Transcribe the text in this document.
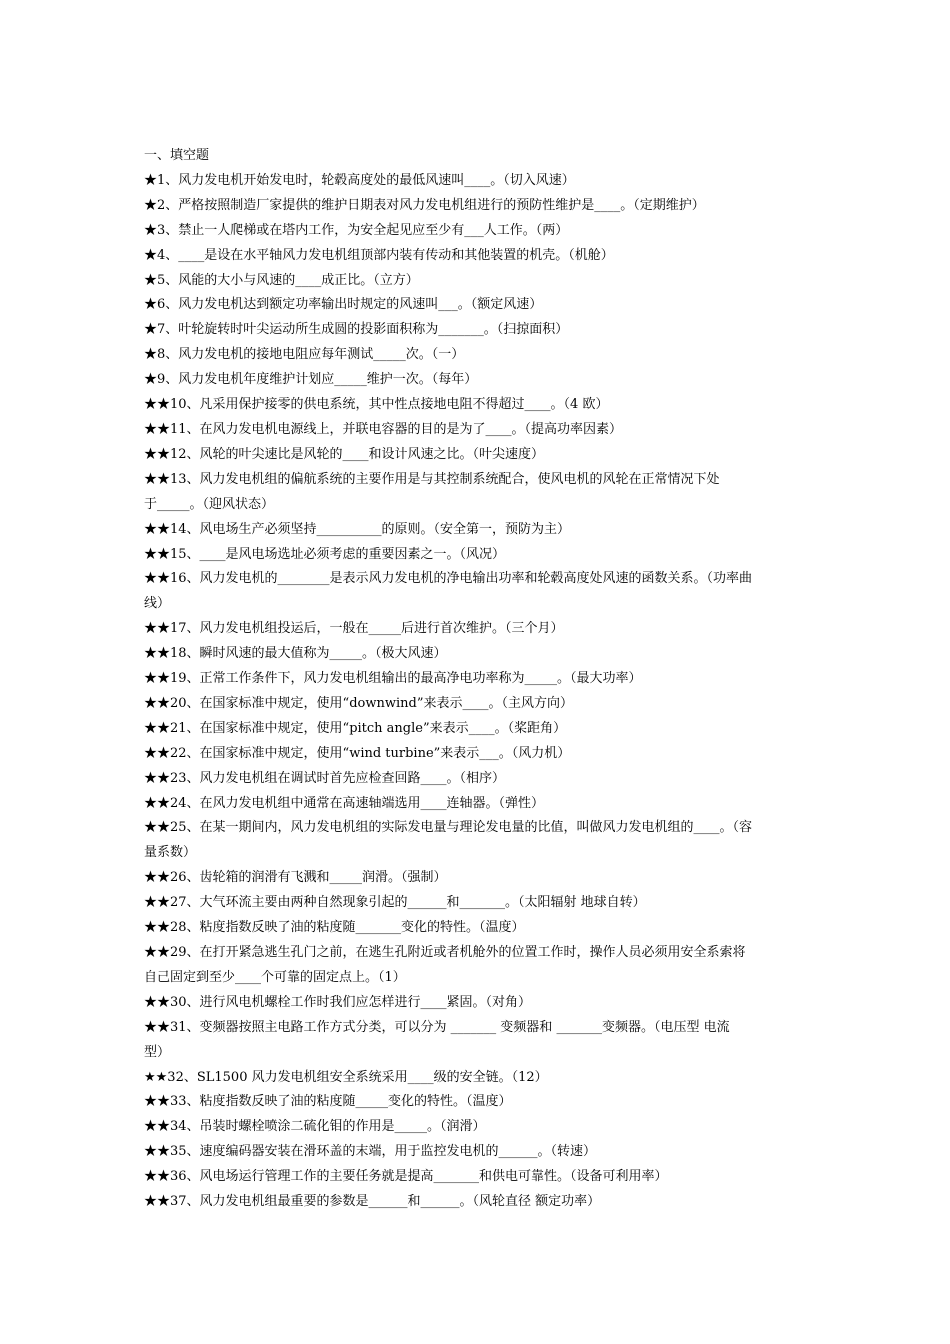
一、填空题
★1、风力发电机开始发电时，轮毂高度处的最低风速叫____。（切入风速）
★2、严格按照制造厂家提供的维护日期表对风力发电机组进行的预防性维护是____。（定期维护）
★3、禁止一人爬梯或在塔内工作，为安全起见应至少有___人工作。（两）
★4、____是设在水平轴风力发电机组顶部内装有传动和其他装置的机壳。（机舱）
★5、风能的大小与风速的____成正比。（立方）
★6、风力发电机达到额定功率输出时规定的风速叫___。（额定风速）
★7、叶轮旋转时叶尖运动所生成圆的投影面积称为_______。（扫掠面积）
★8、风力发电机的接地电阻应每年测试_____次。（一）
★9、风力发电机年度维护计划应_____维护一次。（每年）
★★10、凡采用保护接零的供电系统，其中性点接地电阻不得超过____。（4 欧）
★★11、在风力发电机电源线上，并联电容器的目的是为了____。（提高功率因素）
★★12、风轮的叶尖速比是风轮的____和设计风速之比。（叶尖速度）
★★13、风力发电机组的偏航系统的主要作用是与其控制系统配合，使风电机的风轮在正常情况下处
于_____。（迎风状态）
★★14、风电场生产必须坚持__________的原则。（安全第一，预防为主）
★★15、____是风电场选址必须考虑的重要因素之一。（风况）
★★16、风力发电机的________是表示风力发电机的净电输出功率和轮毂高度处风速的函数关系。（功率曲
线）
★★17、风力发电机组投运后，一般在_____后进行首次维护。（三个月）
★★18、瞬时风速的最大值称为_____。（极大风速）
★★19、正常工作条件下，风力发电机组输出的最高净电功率称为_____。（最大功率）
★★20、在国家标准中规定，使用“downwind”来表示____。（主风方向）
★★21、在国家标准中规定，使用“pitch angle”来表示____。（桨距角）
★★22、在国家标准中规定，使用“wind turbine”来表示___。（风力机）
★★23、风力发电机组在调试时首先应检查回路____。（相序）
★★24、在风力发电机组中通常在高速轴端选用____连轴器。（弹性）
★★25、在某一期间内，风力发电机组的实际发电量与理论发电量的比值，叫做风力发电机组的____。（容
量系数）
★★26、齿轮箱的润滑有飞溅和_____润滑。（强制）
★★27、大气环流主要由两种自然现象引起的______和_______。（太阳辐射 地球自转）
★★28、粘度指数反映了油的粘度随_______变化的特性。（温度）
★★29、在打开紧急逃生孔门之前，在逃生孔附近或者机舱外的位置工作时，操作人员必须用安全系索将
自己固定到至少____个可靠的固定点上。（1）
★★30、进行风电机螺栓工作时我们应怎样进行____紧固。（对角）
★★31、变频器按照主电路工作方式分类，可以分为 _______ 变频器和 _______变频器。（电压型 电流
型）
★★32、SL1500 风力发电机组安全系统采用____级的安全链。（12）
★★33、粘度指数反映了油的粘度随_____变化的特性。（温度）
★★34、吊装时螺栓喷涂二硫化钼的作用是_____。（润滑）
★★35、速度编码器安装在滑环盖的末端，用于监控发电机的______。（转速）
★★36、风电场运行管理工作的主要任务就是提高_______和供电可靠性。（设备可利用率）
★★37、风力发电机组最重要的参数是______和______。（风轮直径 额定功率）
